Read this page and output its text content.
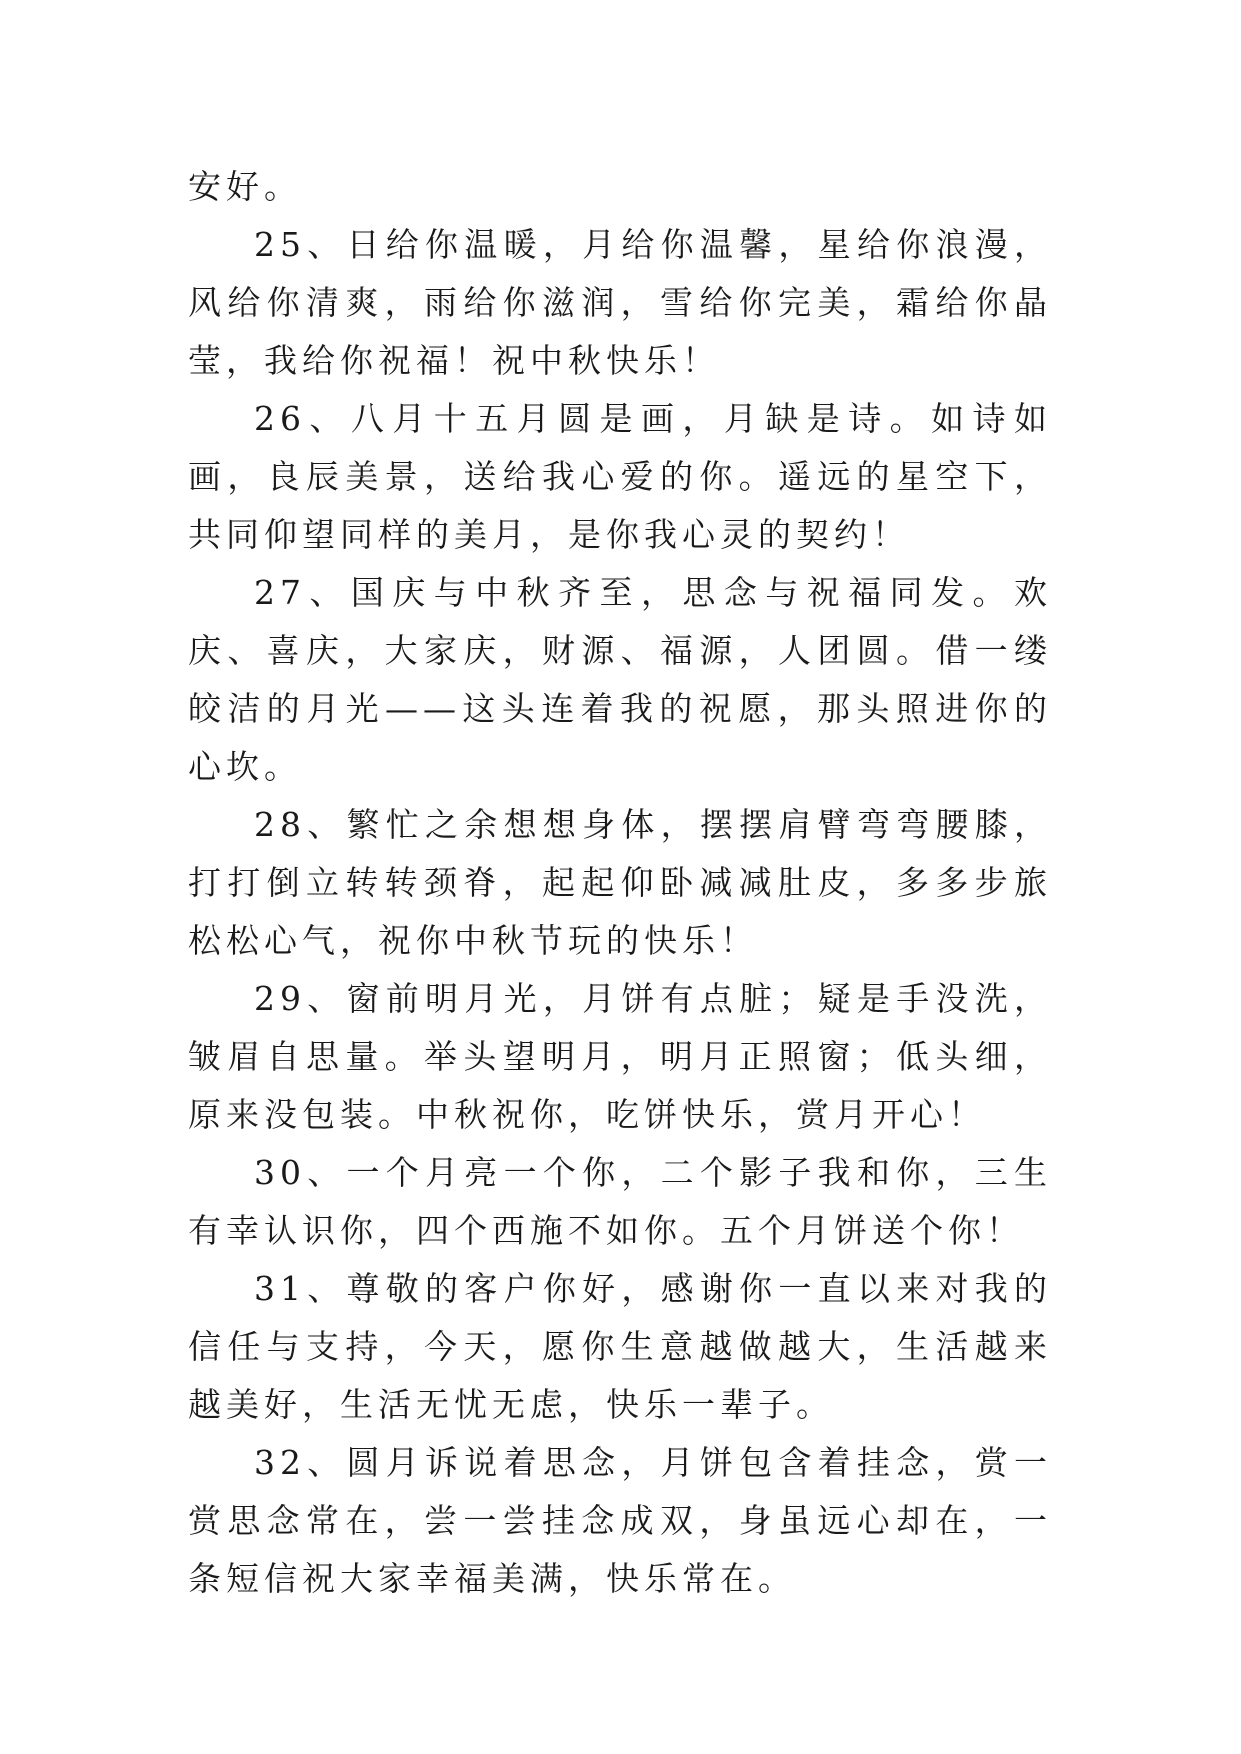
安好。

25、日给你温暖，月给你温馨，星给你浪漫，风给你清爽，雨给你滋润，雪给你完美，霜给你晶莹，我给你祝福！祝中秋快乐！

26、八月十五月圆是画，月缺是诗。如诗如画，良辰美景，送给我心爱的你。遥远的星空下，共同仰望同样的美月，是你我心灵的契约！

27、国庆与中秋齐至，思念与祝福同发。欢庆、喜庆，大家庆，财源、福源，人团圆。借一缕皎洁的月光——这头连着我的祝愿，那头照进你的心坎。

28、繁忙之余想想身体，摆摆肩臂弯弯腰膝，打打倒立转转颈脊，起起仰卧减减肚皮，多多步旅松松心气，祝你中秋节玩的快乐！

29、窗前明月光，月饼有点脏；疑是手没洗，皱眉自思量。举头望明月，明月正照窗；低头细，原来没包装。中秋祝你，吃饼快乐，赏月开心！

30、一个月亮一个你，二个影子我和你，三生有幸认识你，四个西施不如你。五个月饼送个你！

31、尊敬的客户你好，感谢你一直以来对我的信任与支持，今天，愿你生意越做越大，生活越来越美好，生活无忧无虑，快乐一辈子。

32、圆月诉说着思念，月饼包含着挂念，赏一赏思念常在，尝一尝挂念成双，身虽远心却在，一条短信祝大家幸福美满，快乐常在。
